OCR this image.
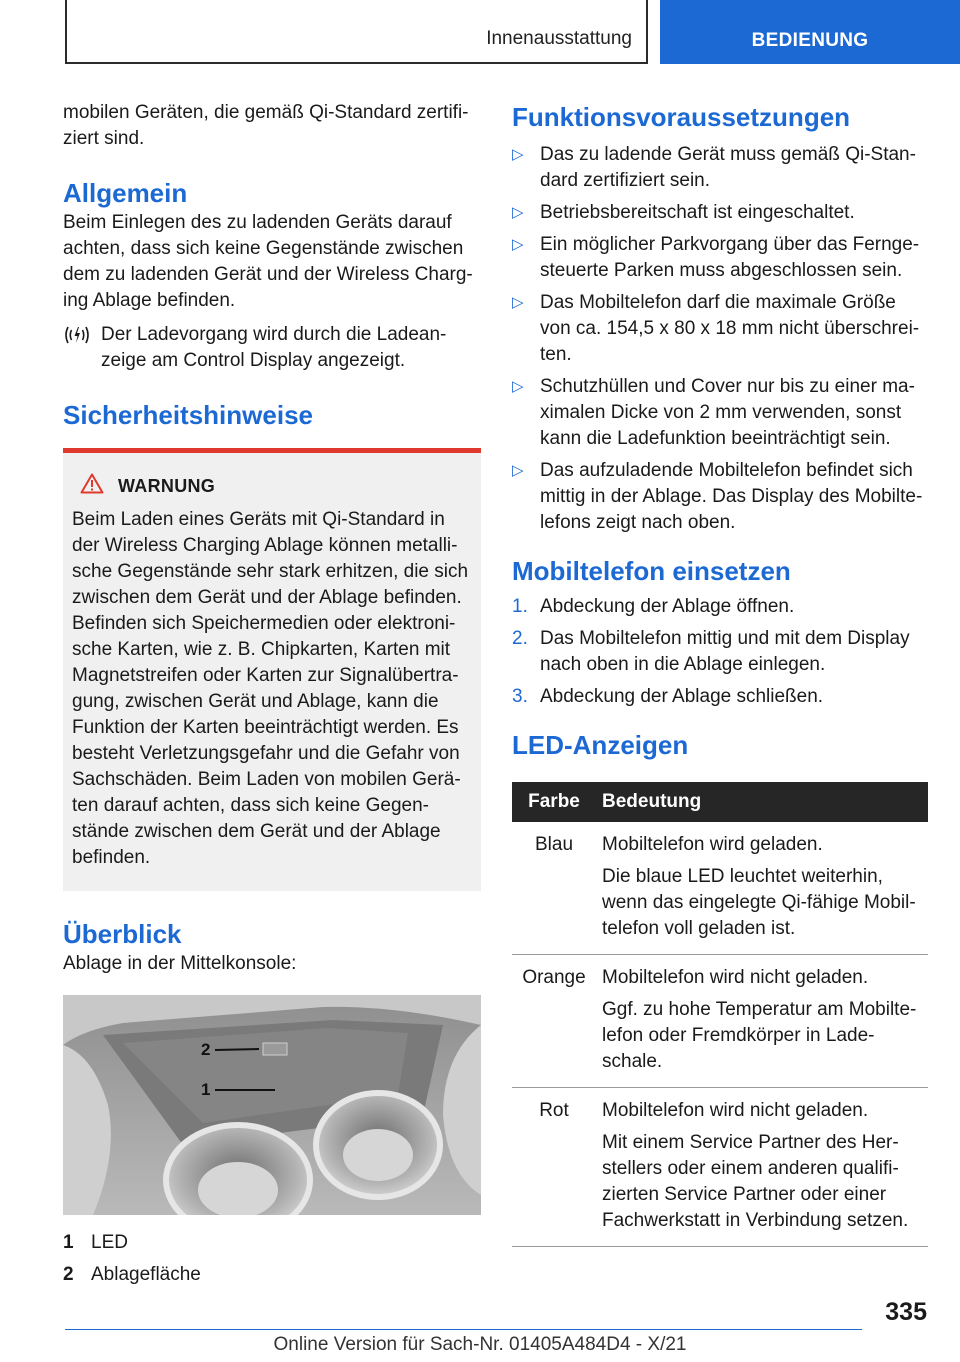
Innenausstattung	BEDIENUNG

mobilen Geräten, die gemäß Qi-Standard zertifi-ziert sind.

Allgemein

Beim Einlegen des zu ladenden Geräts darauf achten, dass sich keine Gegenstände zwischen dem zu ladenden Gerät und der Wireless Charg-ing Ablage befinden.

Der Ladevorgang wird durch die Ladean-zeige am Control Display angezeigt.

Sicherheitshinweise
WARNUNG

Beim Laden eines Geräts mit Qi-Standard in der Wireless Charging Ablage können metalli-sche Gegenstände sehr stark erhitzen, die sich zwischen dem Gerät und der Ablage befinden. Befinden sich Speichermedien oder elektroni-sche Karten, wie z. B. Chipkarten, Karten mit Magnetstreifen oder Karten zur Signalübertra-gung, zwischen Gerät und Ablage, kann die Funktion der Karten beeinträchtigt werden. Es besteht Verletzungsgefahr und die Gefahr von Sachschäden. Beim Laden von mobilen Gerä-ten darauf achten, dass sich keine Gegen-stände zwischen dem Gerät und der Ablage befinden.

Überblick

Ablage in der Mittelkonsole:

2
1
1 LED
2 Ablagefläche
Funktionsvoraussetzungen
▷ Das zu ladende Gerät muss gemäß Qi-Stan-dard zertifiziert sein.
▷ Betriebsbereitschaft ist eingeschaltet.
▷ Ein möglicher Parkvorgang über das Fernge-steuerte Parken muss abgeschlossen sein.
▷ Das Mobiltelefon darf die maximale Größe von ca. 154,5 x 80 x 18 mm nicht überschrei-ten.
▷ Schutzhüllen und Cover nur bis zu einer ma-ximalen Dicke von 2 mm verwenden, sonst kann die Ladefunktion beeinträchtigt sein.
▷ Das aufzuladende Mobiltelefon befindet sich mittig in der Ablage. Das Display des Mobilte-lefons zeigt nach oben.
Mobiltelefon einsetzen
1. Abdeckung der Ablage öffnen.
2. Das Mobiltelefon mittig und mit dem Display nach oben in die Ablage einlegen.
3. Abdeckung der Ablage schließen.
LED-Anzeigen
Farbe	Bedeutung
Blau	Mobiltelefon wird geladen.

Die blaue LED leuchtet weiterhin, wenn das eingelegte Qi-fähige Mobil-telefon voll geladen ist.

Orange	Mobiltelefon wird nicht geladen.

Ggf. zu hohe Temperatur am Mobilte-lefon oder Fremdkörper in Lade-schale.

Rot	Mobiltelefon wird nicht geladen.

Mit einem Service Partner des Her-stellers oder einem anderen qualifi-zierten Service Partner oder einer Fachwerkstatt in Verbindung setzen.

335
Online Version für Sach-Nr. 01405A484D4 - X/21
